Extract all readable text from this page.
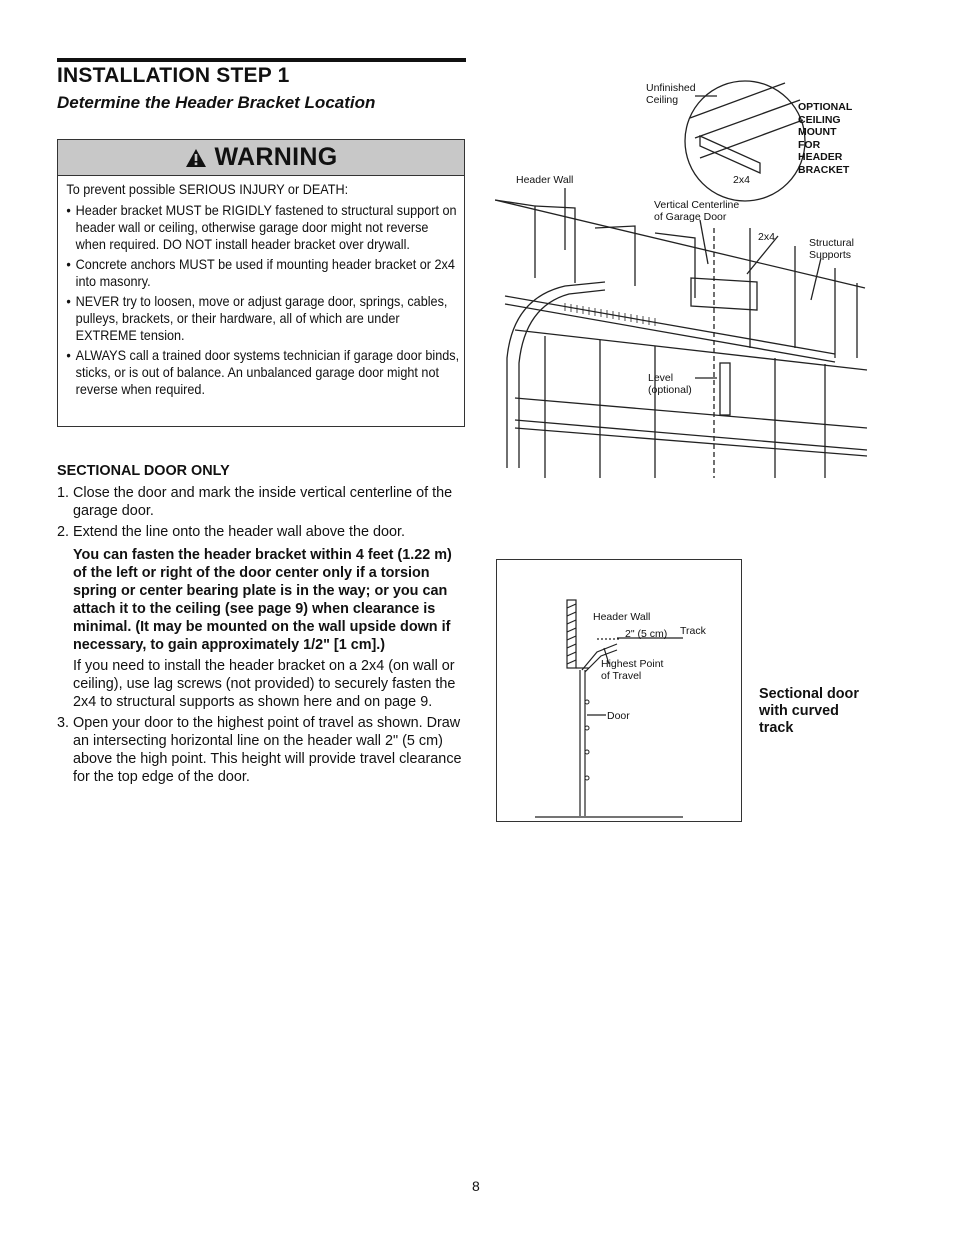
INSTALLATION STEP 1
Determine the Header Bracket Location
WARNING

To prevent possible SERIOUS INJURY or DEATH:

• Header bracket MUST be RIGIDLY fastened to structural support on header wall or ceiling, otherwise garage door might not reverse when required. DO NOT install header bracket over drywall.
• Concrete anchors MUST be used if mounting header bracket or 2x4 into masonry.
• NEVER try to loosen, move or adjust garage door, springs, cables, pulleys, brackets, or their hardware, all of which are under EXTREME tension.
• ALWAYS call a trained door systems technician if garage door binds, sticks, or is out of balance. An unbalanced garage door might not reverse when required.
SECTIONAL DOOR ONLY
1. Close the door and mark the inside vertical centerline of the garage door.
2. Extend the line onto the header wall above the door.
You can fasten the header bracket within 4 feet (1.22 m) of the left or right of the door center only if a torsion spring or center bearing plate is in the way; or you can attach it to the ceiling (see page 9) when clearance is minimal. (It may be mounted on the wall upside down if necessary, to gain approximately 1/2" [1 cm].)
If you need to install the header bracket on a 2x4 (on wall or ceiling), use lag screws (not provided) to securely fasten the 2x4 to structural supports as shown here and on page 9.
3. Open your door to the highest point of travel as shown. Draw an intersecting horizontal line on the header wall 2" (5 cm) above the high point. This height will provide travel clearance for the top edge of the door.
Unfinished
Ceiling
OPTIONAL
CEILING
MOUNT
FOR
HEADER
BRACKET
2x4
Header Wall
Vertical Centerline
of Garage Door
2x4	Structural
Supports
Level
(optional)
Header Wall
2" (5 cm) Track
Highest Point
of Travel
Door
Sectional door
with curved
track
8
